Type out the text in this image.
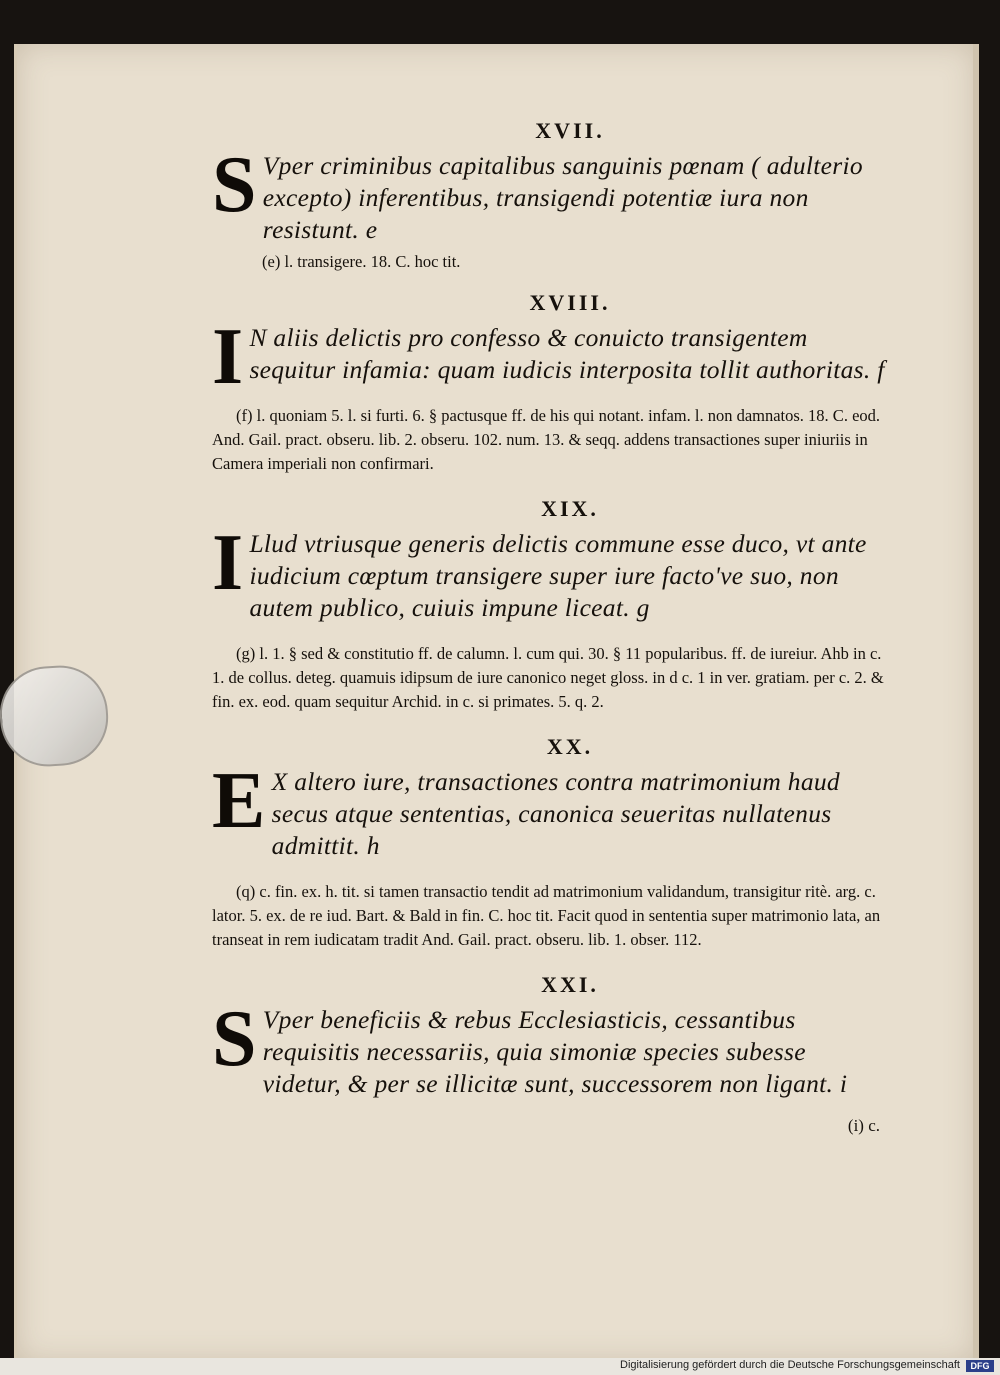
XVII.

S Vper criminibus capitalibus sanguinis pœnam ( adulterio excepto) inferentibus, transigendi potentiæ iura non resistunt. e

(e) l. transigere. 18. C. hoc tit.

XVIII.

I N aliis delictis pro confesso & conuicto transigentem sequitur infamia: quam iudicis interposita tollit authoritas. f

(f) l. quoniam 5. l. si furti. 6. § pactusque ff. de his qui notant. infam. l. non damnatos. 18. C. eod. And. Gail. pract. obseru. lib. 2. obseru. 102. num. 13. & seqq. addens transactiones super iniuriis in Camera imperiali non confirmari.

XIX.

I Llud vtriusque generis delictis commune esse duco, vt ante iudicium cœptum transigere super iure facto've suo, non autem publico, cuiuis impune liceat. g

(g) l. 1. § sed & constitutio ff. de calumn. l. cum qui. 30. § 11 popularibus. ff. de iureiur. Ahb in c. 1. de collus. deteg. quamuis idipsum de iure canonico neget gloss. in d c. 1 in ver. gratiam. per c. 2. & fin. ex. eod. quam sequitur Archid. in c. si primates. 5. q. 2.

XX.

E X altero iure, transactiones contra matrimonium haud secus atque sententias, canonica seueritas nullatenus admittit. h

(q) c. fin. ex. h. tit. si tamen transactio tendit ad matrimonium validandum, transigitur ritè. arg. c. lator. 5. ex. de re iud. Bart. & Bald in fin. C. hoc tit. Facit quod in sententia super matrimonio lata, an transeat in rem iudicatam tradit And. Gail. pract. obseru. lib. 1. obser. 112.

XXI.

S Vper beneficiis & rebus Ecclesiasticis, cessantibus requisitis necessariis, quia simoniæ species subesse videtur, & per se illicitæ sunt, successorem non ligant. i

(i) c.
Digitalisierung gefördert durch die Deutsche Forschungsgemeinschaft	DFG
